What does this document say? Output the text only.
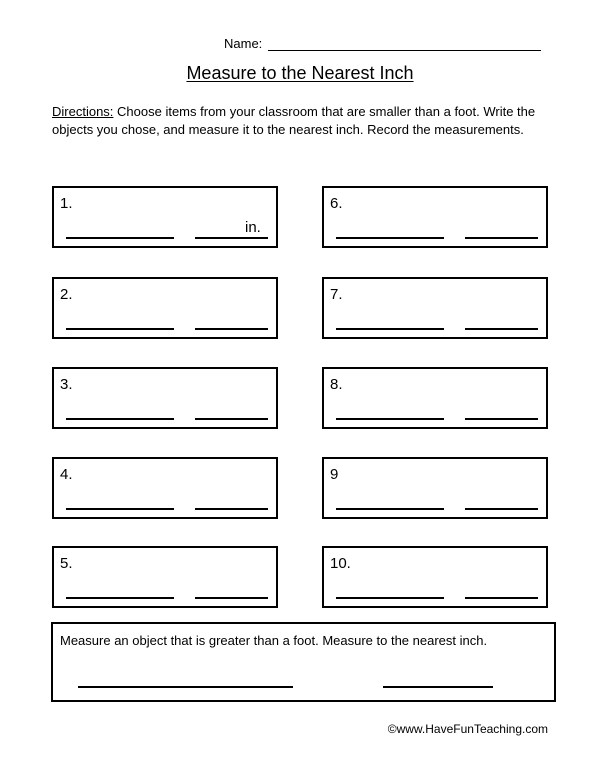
Name:
Measure to the Nearest Inch
Directions: Choose items from your classroom that are smaller than a foot. Write the objects you chose, and measure it to the nearest inch. Record the measurements.
1.
in.
2.
3.
4.
5.
6.
7.
8.
9
10.
Measure an object that is greater than a foot. Measure to the nearest inch.
©www.HaveFunTeaching.com
